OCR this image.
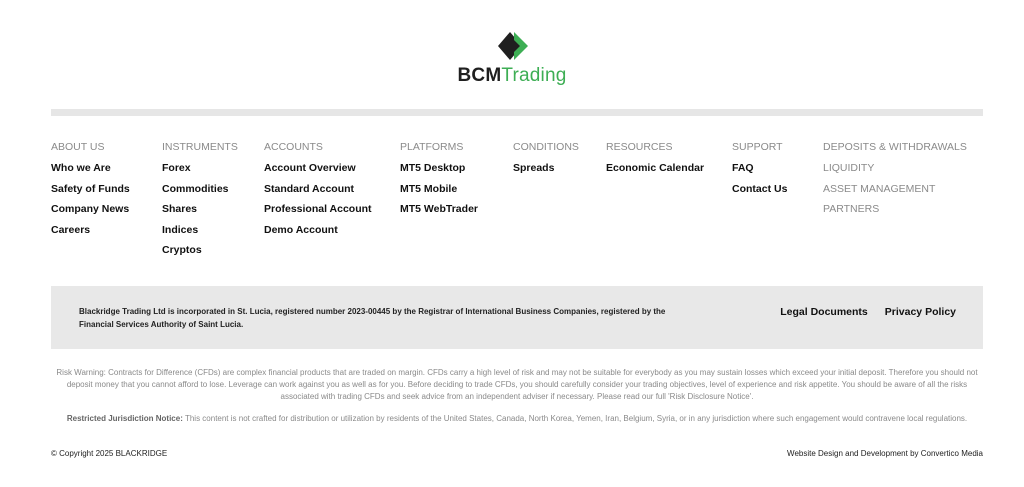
BCMTrading
ABOUT US
Who we Are
Safety of Funds
Company News
Careers
INSTRUMENTS
Forex
Commodities
Shares
Indices
Cryptos
ACCOUNTS
Account Overview
Standard Account
Professional Account
Demo Account
PLATFORMS
MT5 Desktop
MT5 Mobile
MT5 WebTrader
CONDITIONS
Spreads
RESOURCES
Economic Calendar
SUPPORT
FAQ
Contact Us
DEPOSITS & WITHDRAWALS
LIQUIDITY
ASSET MANAGEMENT
PARTNERS
Blackridge Trading Ltd is incorporated in St. Lucia, registered number 2023-00445 by the Registrar of International Business Companies, registered by the Financial Services Authority of Saint Lucia.
Legal Documents Privacy Policy

Risk Warning: Contracts for Difference (CFDs) are complex financial products that are traded on margin. CFDs carry a high level of risk and may not be suitable for everybody as you may sustain losses which exceed your initial deposit. Therefore you should not deposit money that you cannot afford to lose. Leverage can work against you as well as for you. Before deciding to trade CFDs, you should carefully consider your trading objectives, level of experience and risk appetite. You should be aware of all the risks associated with trading CFDs and seek advice from an independent adviser if necessary. Please read our full 'Risk Disclosure Notice'.

Restricted Jurisdiction Notice: This content is not crafted for distribution or utilization by residents of the United States, Canada, North Korea, Yemen, Iran, Belgium, Syria, or in any jurisdiction where such engagement would contravene local regulations.

© Copyright 2025 BLACKRIDGE	Website Design and Development by Convertico Media
